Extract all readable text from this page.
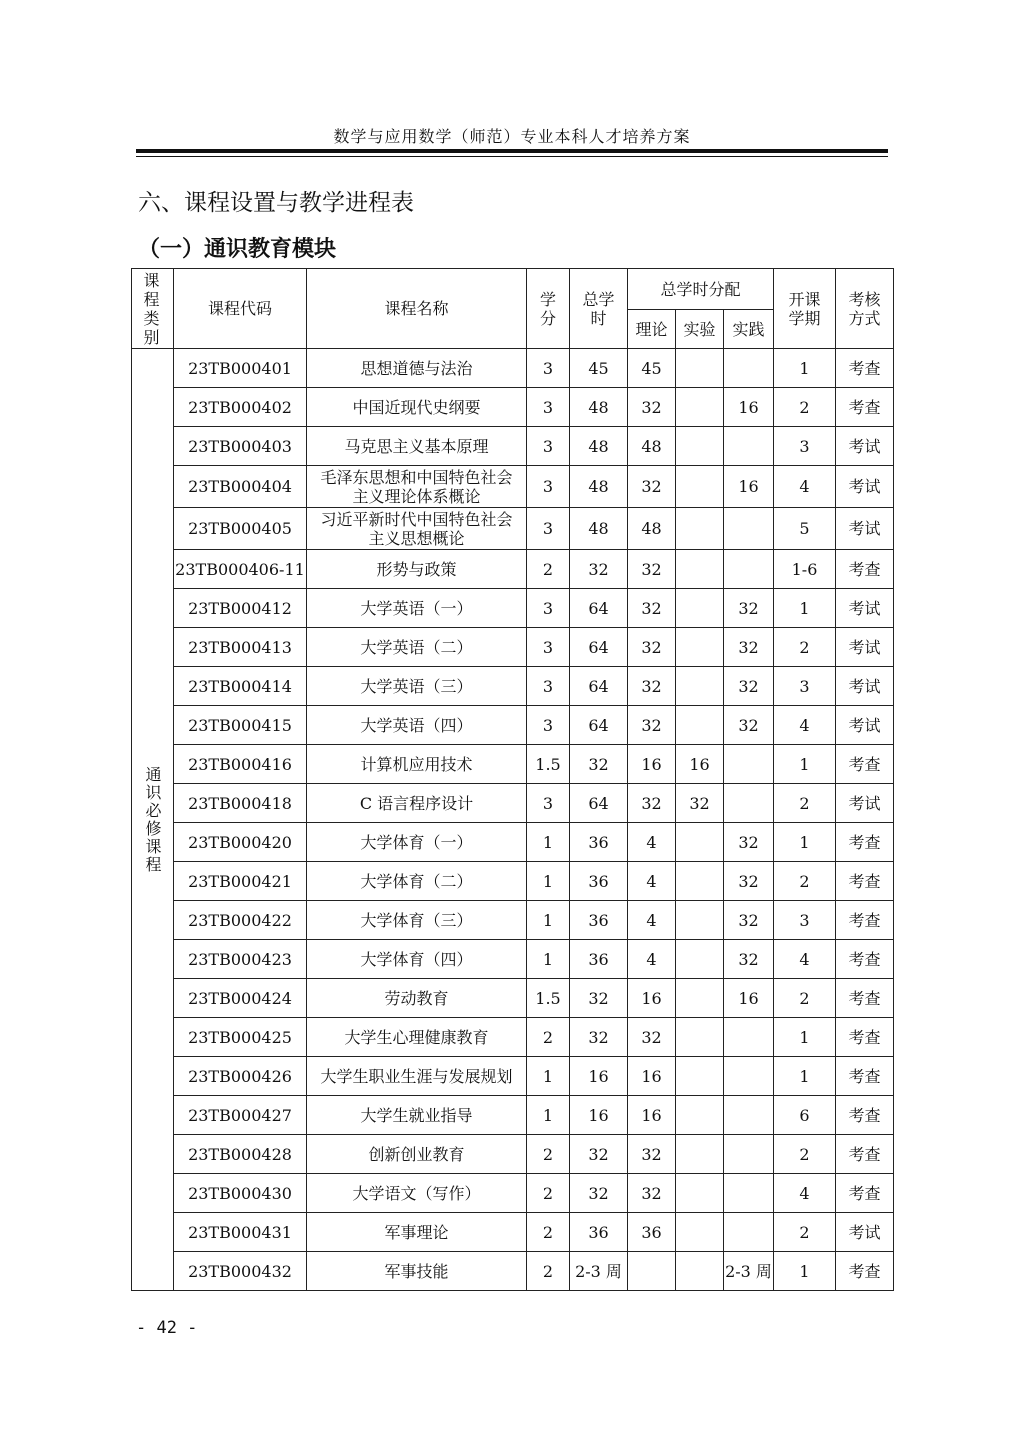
数学与应用数学（师范）专业本科人才培养方案
六、课程设置与教学进程表
（一）通识教育模块
课程类别	课程代码	课程名称	学分	总学时	总学时分配			开课学期	考核方式

					理论	实验	实践		

通识必修课程	23TB000401	思想道德与法治	3	45	45			1	考查
	23TB000402	中国近现代史纲要	3	48	32		16	2	考查
	23TB000403	马克思主义基本原理	3	48	48			3	考试
	23TB000404	毛泽东思想和中国特色社会主义理论体系概论	3	48	32		16	4	考试
	23TB000405	习近平新时代中国特色社会主义思想概论	3	48	48			5	考试
	23TB000406-11	形势与政策	2	32	32			1-6	考查
	23TB000412	大学英语（一）	3	64	32		32	1	考试
	23TB000413	大学英语（二）	3	64	32		32	2	考试
	23TB000414	大学英语（三）	3	64	32		32	3	考试
	23TB000415	大学英语（四）	3	64	32		32	4	考试
	23TB000416	计算机应用技术	1.5	32	16	16		1	考查
	23TB000418	C 语言程序设计	3	64	32	32		2	考试
	23TB000420	大学体育（一）	1	36	4		32	1	考查
	23TB000421	大学体育（二）	1	36	4		32	2	考查
	23TB000422	大学体育（三）	1	36	4		32	3	考查
	23TB000423	大学体育（四）	1	36	4		32	4	考查
	23TB000424	劳动教育	1.5	32	16		16	2	考查
	23TB000425	大学生心理健康教育	2	32	32			1	考查
	23TB000426	大学生职业生涯与发展规划	1	16	16			1	考查
	23TB000427	大学生就业指导	1	16	16			6	考查
	23TB000428	创新创业教育	2	32	32			2	考查
	23TB000430	大学语文（写作）	2	32	32			4	考查
	23TB000431	军事理论	2	36	36			2	考试
	23TB000432	军事技能	2	2-3 周			2-3 周	1	考查
- 42 -
